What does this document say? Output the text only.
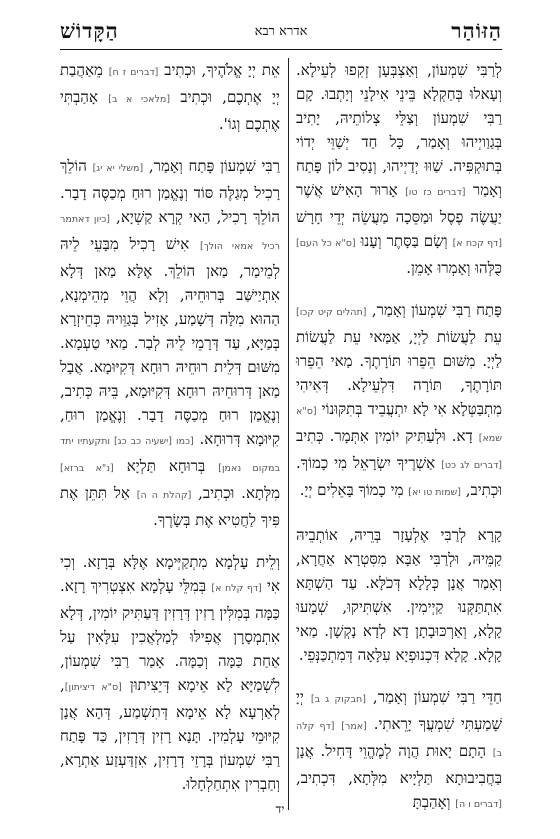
הַקָּדוֹשׁ	אדרא רבא	הַזּוֹהַר

לְרַבִּי שִׁמְעוֹן, וְאַצְבְּעָן זְקִפוּ לְעֵילָא. וְעָאלוּ בְּחַקְלָא בֵּינֵי אִילָנֵי וְיָתְבוּ. קָם רַבִּי שִׁמְעוֹן וְצַלֵּי צְלוֹתֵיהּ, יָתִיב בְּגַוַויְיהוּ וְאָמַר, כָּל חַד יְשַׁוֵּי יְדוֹי בְּתוּקְפִּיה. שַׁוּוּ יְדַיְיהוּ, וְנָסִיב לוֹן פָּתַח וְאָמַר [דברים כז טו] אָרוּר הָאִישׁ אֲשֶׁר יַעֲשֶׂה פֶסֶל וּמַסֵּכָה מַעֲשֵׂה יְדֵי חָרָשׁ [דף קכח א] וְשָׂם בַּסָּתֶר וְעָנוּ [ס"א כל העם] כֻּלְּהוּ וְאָמְרוּ אָמֵן.

פָּתַח רַבִּי שִׁמְעוֹן וְאָמַר, [תהלים קיט קכו] עֵת לַעֲשׂוֹת לַיְיָ, אַמַּאי עֵת לַעֲשׂוֹת לַיְיָ. מִשּׁוּם הֵפֵרוּ תּוֹרָתֶךָ. מַאי הֵפֵרוּ תּוֹרָתֶךָ, תּוֹרָה דִּלְעֵילָא. דְּאִיהִי מִתְבַּטְּלָא אִי לָא יִתְעֲבֵיד בְּתִקּוּנוֹי [ס"א שמא] דָא. וּלְעַתִּיק יוֹמִין אִתְּמָר. כְּתִיב [דברים לג כט] אַשְׁרֶיךָ יִשְׂרָאֵל מִי כָמוֹךָ. וּכְתִיב, [שמות טו יא] מִי כָמוֹךָ בָּאֵלִים יְיָ.

קָרָא לְרַבִּי אֶלְעָזָר בְּרֵיהּ, אוֹתְבֵיהּ קַמֵּיהּ, וּלְרַבִּי אַבָּא מִסִּטְרָא אַחֲרָא, וְאָמַר אֲנָן כְּלָלָא דְּכֹלָּא. עַד הַשְׁתָּא אִתְתַּקְּנוּ קַיְימִין. אִשְׁתִּיקוּ, שְׁמָעוּ קָלָא, וְאַרְכּוּבָתָן דָא לְדָא נָקְשָׁן. מַאי קָלָא. קָלָא דִּכְנוּפְיָא עִלָּאָה דְּמִתְכַּנְּפֵי.

חַדֵּי רַבִּי שִׁמְעוֹן וְאָמַר, [חבקוק ג ב] יְיָ שָׁמַעְתִּי שִׁמְעֲךָ יָרֵאתִי. [אמר] [דף קלה ב] הָתָם יָאוּת הֲוָה לְמֶהֱוֵי דָּחִיל. אֲנָן בַּחֲבִיבוּתָא תַּלְיָיא מִלְּתָא, דִּכְתִיב, [דברים ו ה] וְאָהַבְתָּ

אֵת יְיָ אֱלֹהֶיךָ, וּכְתִיב [דברים ז ח] מֵאַהֲבַת יְיָ אֶתְכֶם, וּכְתִיב [מלאכי א ב] אָהַבְתִּי אֶתְכֶם וְגוֹ'.

רַבִּי שִׁמְעוֹן פָּתַח וְאָמַר, [משלי יא יג] הוֹלֵךְ רָכִיל מְגַלֶּה סּוֹד וְנֶאֱמַן רוּחַ מְכַסֶּה דָבָר. הוֹלֵךְ רָכִיל, הַאי קְרָא קַשְׁיָא, [כיון דאתמר רכיל אמאי הולך] אִישׁ רָכִיל מִבָּעֵי לֵיהּ לְמֵימַר, מַאן הוֹלֵךְ. אֶלָּא מַאן דְּלָא אִתְיַישַּׁב בְּרוּחֵיהּ, וְלָא הֲוֵי מְהֵימְנָא, הַהוּא מִלָּה דְּשָׁמַע, אָזִיל בְּגַוֵּויהּ כְּחֵיזְרָא בְּמַיָּא, עַד דְּרָמֵי לֵיהּ לְבַר. מַאי טַעְמָא. מִשּׁוּם דְּלֵית רוּחֵיהּ רוּחָא דְּקִיּוּמָא. אֲבָל מַאן דְּרוּחֵיהּ רוּחָא דְּקִיּוּמָא, בֵּיהּ כְּתִיב, וְנֶאֱמַן רוּחַ מְכַסֶּה דָבָר. וְנֶאֱמַן רוּחַ, קִיּוּמָא דְּרוּחָא. [כמו [ישעיה כב כג] ותקעתיו יתד במקום נאמן] בְּרוּחָא תַּלְיָא [נ"א ברזא] מִלְּתָא. וּכְתִיב, [קהלת ה ה] אַל תִּתֵּן אֶת פִּיךָ לַחֲטִיא אֶת בְּשָׂרֶךָ.

וְלֵית עָלְמָא מִתְקַיְּימָא אֶלָּא בְּרָזָא. וְכִי אִי [דף קלח א] בְּמִלֵּי עָלְמָא אִצְטְרִיךְ רָזָא. כַּמָּה בְּמִלִּין רָזִין דְּרָזִין דְּעַתִּיק יוֹמִין, דְּלָא אִתְמְסָרָן אֲפִילּוּ לְמַלְאֲכִין עִלָּאִין עַל אַחַת כַּמָּה וְכַמָּה. אָמַר רַבִּי שִׁמְעוֹן, לִשְׁמַיָּא לָא אֵימָא דְּיֵצִיתוּן [ס"א דיציתון], לְאַרְעָא לָא אֵימָא דְּתִשְׁמַע, דְּהָא אֲנָן קִיּוּמֵי עָלְמִין. תָּנָא רָזִין דְּרָזִין, כַּד פָּתַח רַבִּי שִׁמְעוֹן בְּרָזֵי דְרָזִין, אִזְדַּעְזַע אַתְרָא, וְחַבְרִין אִתְחַלְחָלוּ.

יד
